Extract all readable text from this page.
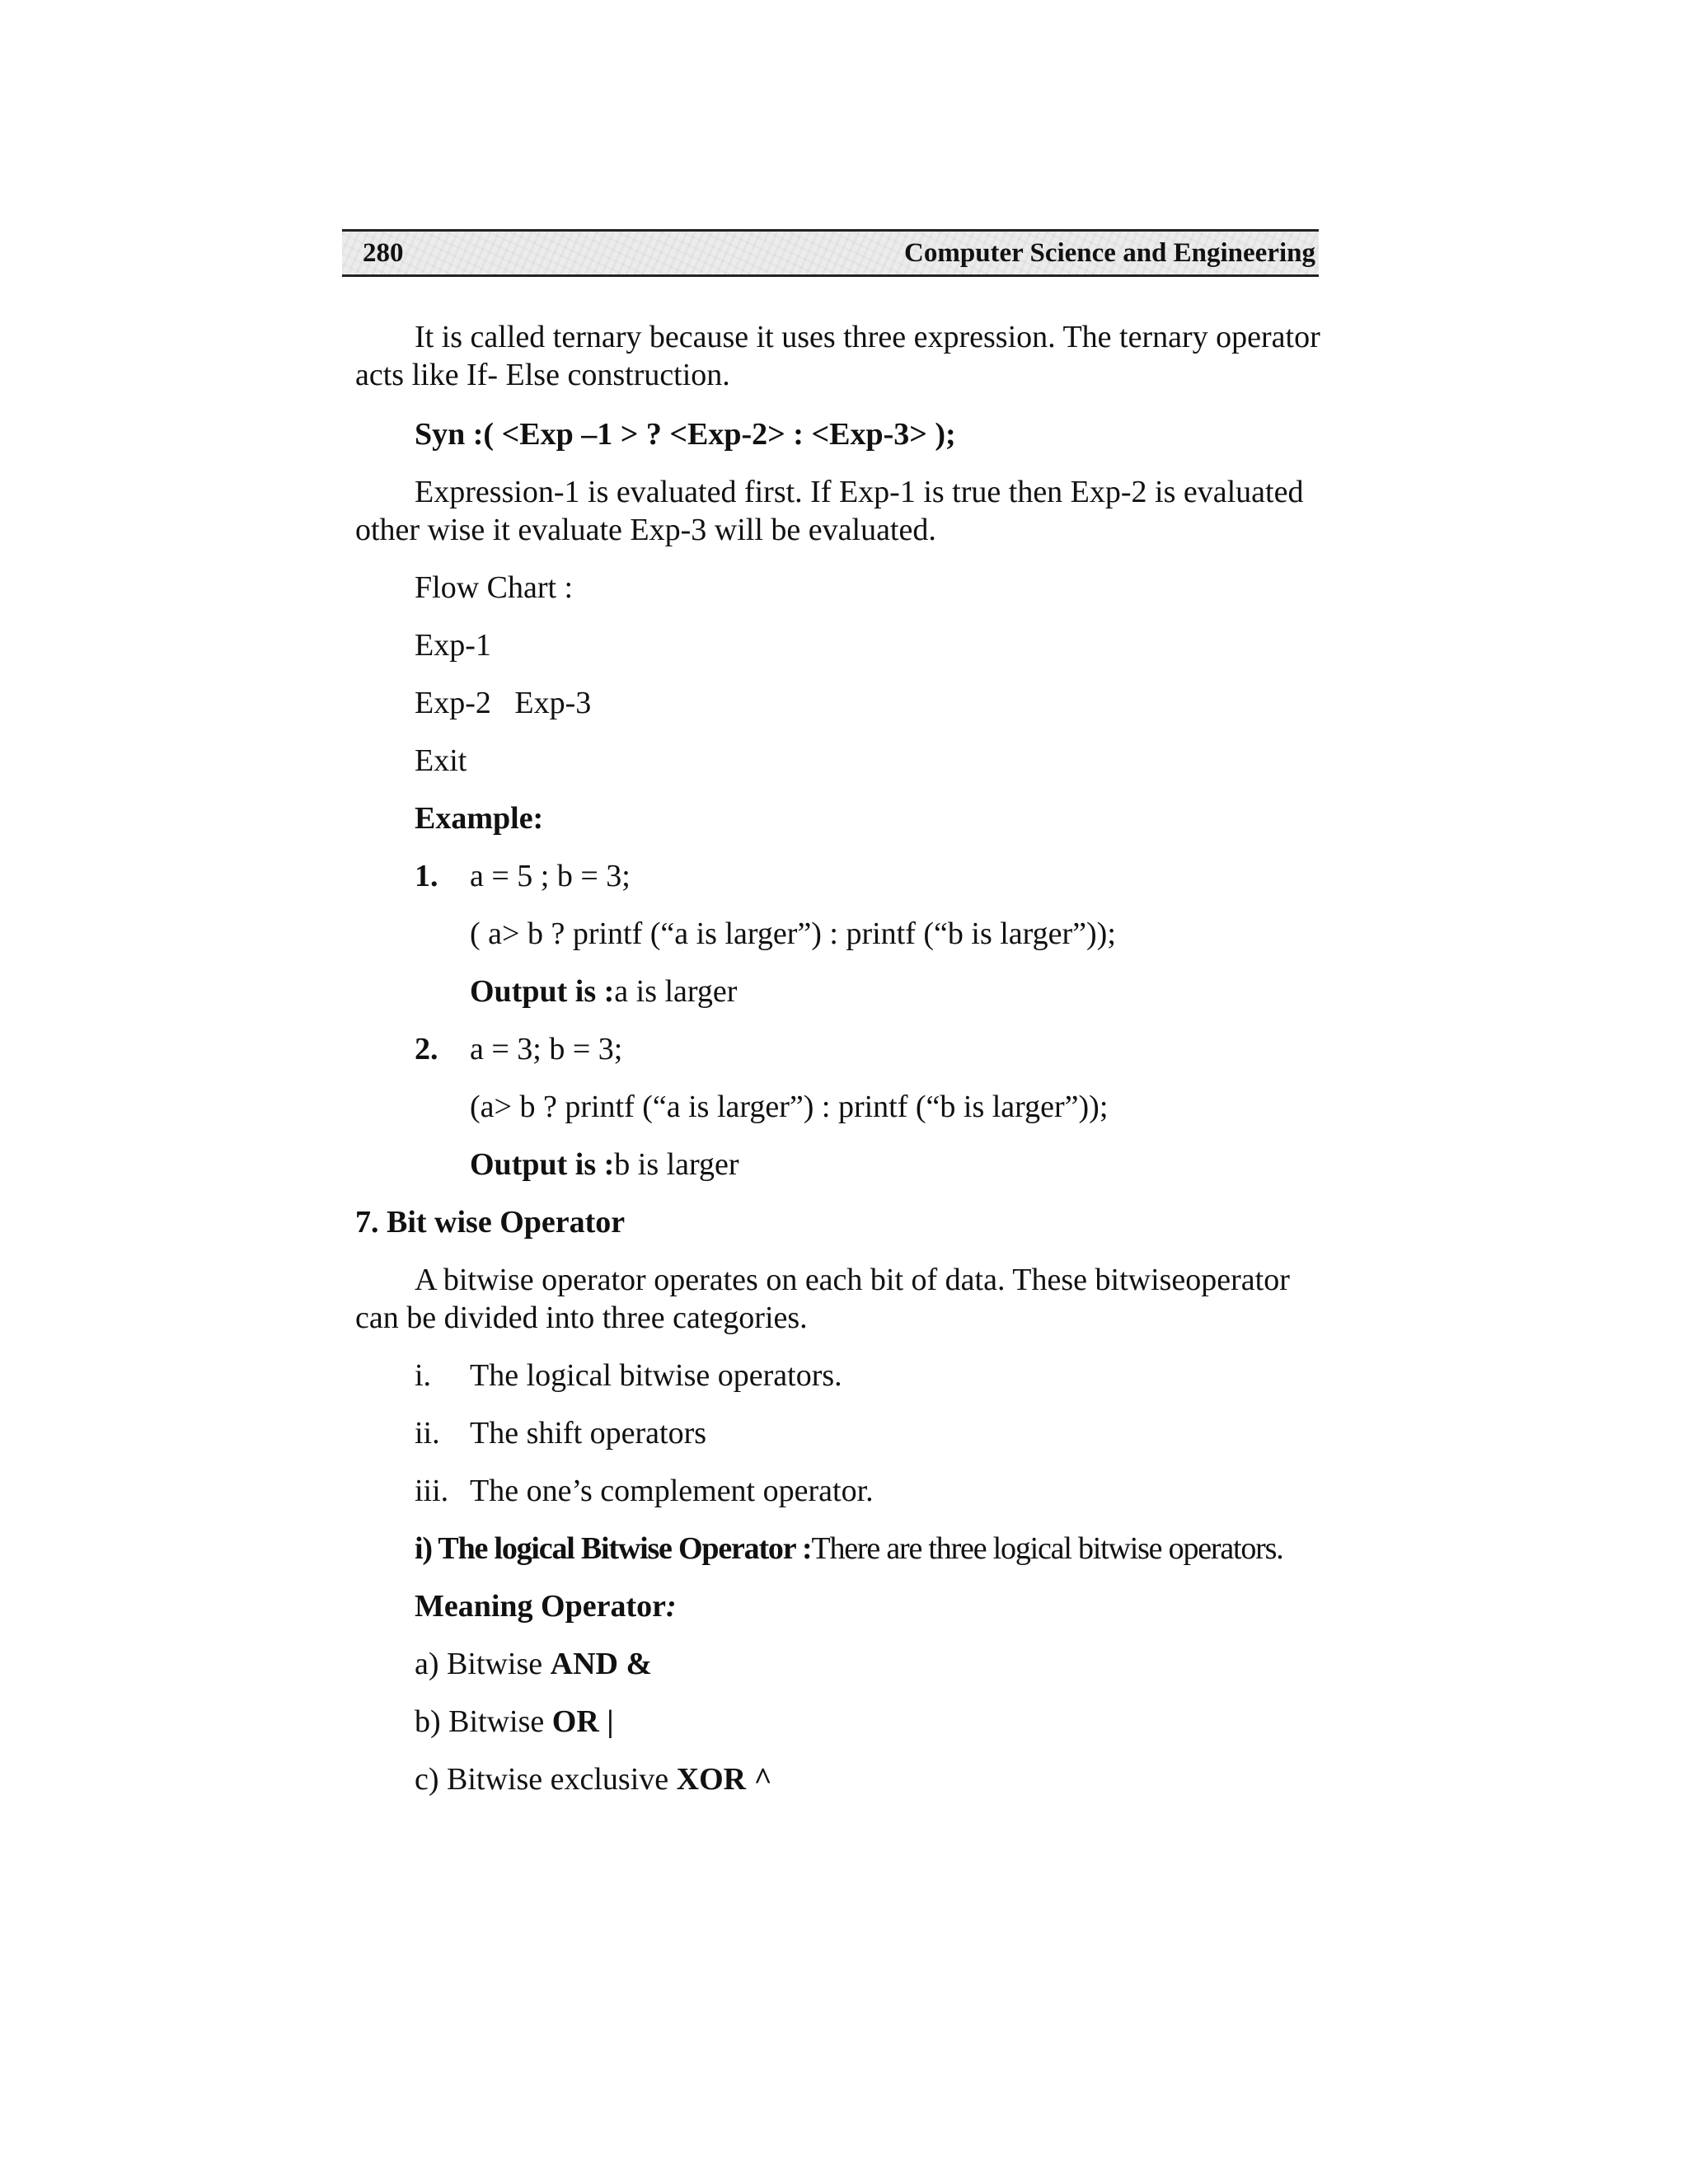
280	Computer Science and Engineering
It is called ternary because it uses three expression. The ternary operator
acts like If- Else construction.
Syn :( <Exp –1 > ? <Exp-2> : <Exp-3> );
Expression-1 is evaluated first. If Exp-1 is true then Exp-2 is evaluated
other wise it evaluate Exp-3 will be evaluated.
Flow Chart :
Exp-1
Exp-2   Exp-3
Exit
Example:
1. a = 5 ; b = 3;
( a> b ? printf (“a is larger”) : printf (“b is larger”));
Output is :a is larger
2. a = 3; b = 3;
(a> b ? printf (“a is larger”) : printf (“b is larger”));
Output is :b is larger
7. Bit wise Operator
A bitwise operator operates on each bit of data. These bitwiseoperator
can be divided into three categories.
i. The logical bitwise operators.
ii. The shift operators
iii. The one’s complement operator.
i) The logical Bitwise Operator :There are three logical bitwise operators.
Meaning Operator:
a) Bitwise AND &
b) Bitwise OR |
c) Bitwise exclusive XOR ^
